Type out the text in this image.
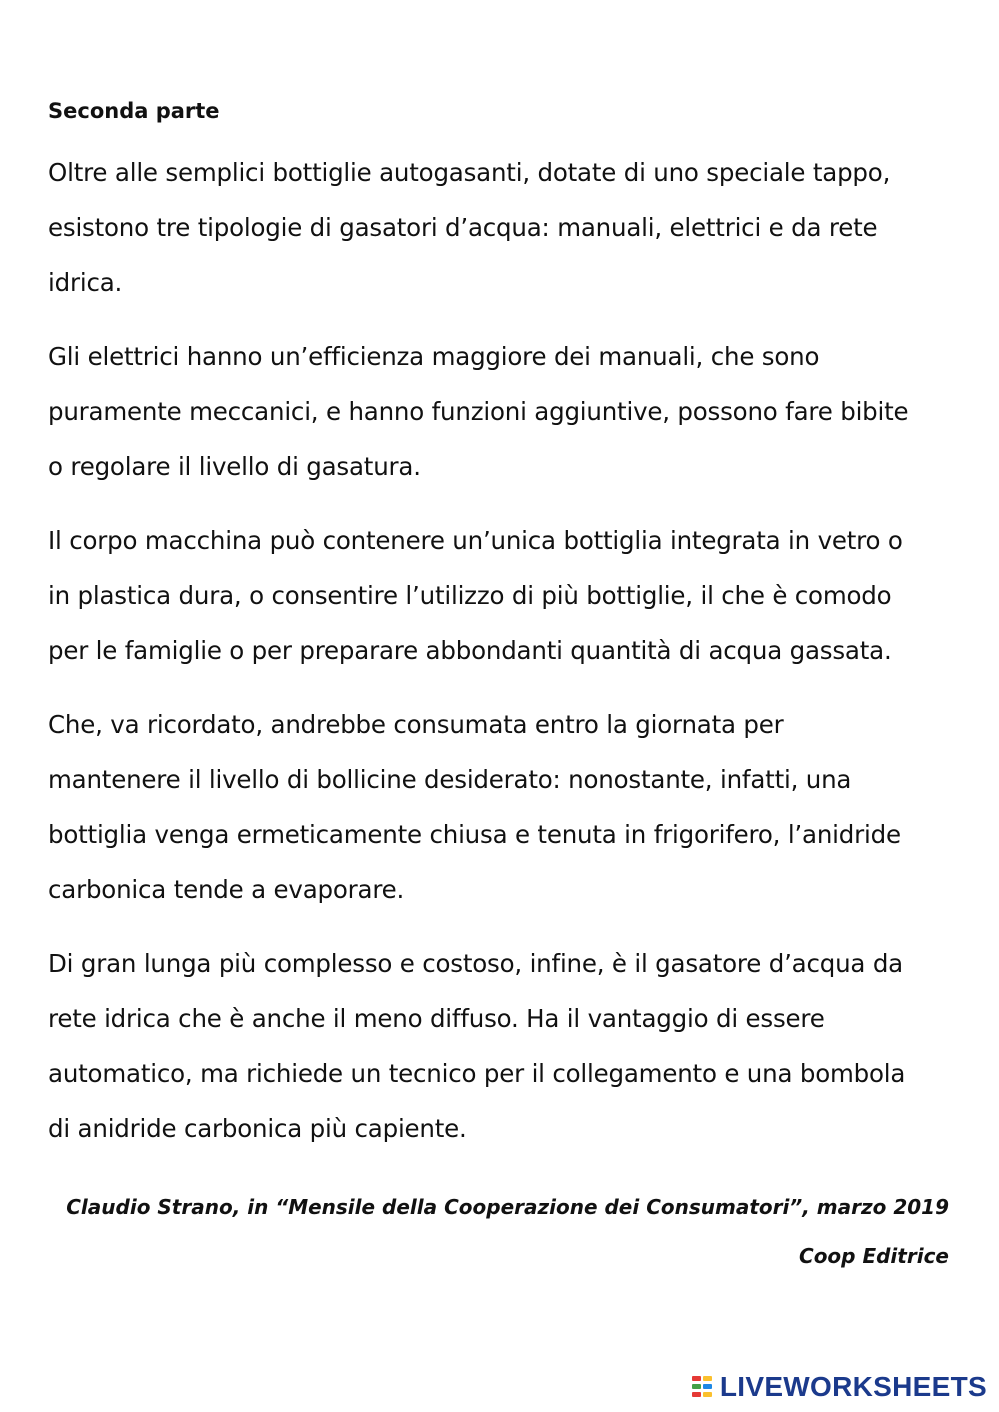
Seconda parte

Oltre alle semplici bottiglie autogasanti, dotate di uno speciale tappo,
esistono tre tipologie di gasatori d’acqua: manuali, elettrici e da rete
idrica.

Gli elettrici hanno un’efficienza maggiore dei manuali, che sono
puramente meccanici, e hanno funzioni aggiuntive, possono fare bibite
o regolare il livello di gasatura.

Il corpo macchina può contenere un’unica bottiglia integrata in vetro o
in plastica dura, o consentire l’utilizzo di più bottiglie, il che è comodo
per le famiglie o per preparare abbondanti quantità di acqua gassata.

Che, va ricordato, andrebbe consumata entro la giornata per
mantenere il livello di bollicine desiderato: nonostante, infatti, una
bottiglia venga ermeticamente chiusa e tenuta in frigorifero, l’anidride
carbonica tende a evaporare.

Di gran lunga più complesso e costoso, infine, è il gasatore d’acqua da
rete idrica che è anche il meno diffuso. Ha il vantaggio di essere
automatico, ma richiede un tecnico per il collegamento e una bombola
di anidride carbonica più capiente.

Claudio Strano, in “Mensile della Cooperazione dei Consumatori”, marzo 2019
Coop Editrice
LIVEWORKSHEETS
